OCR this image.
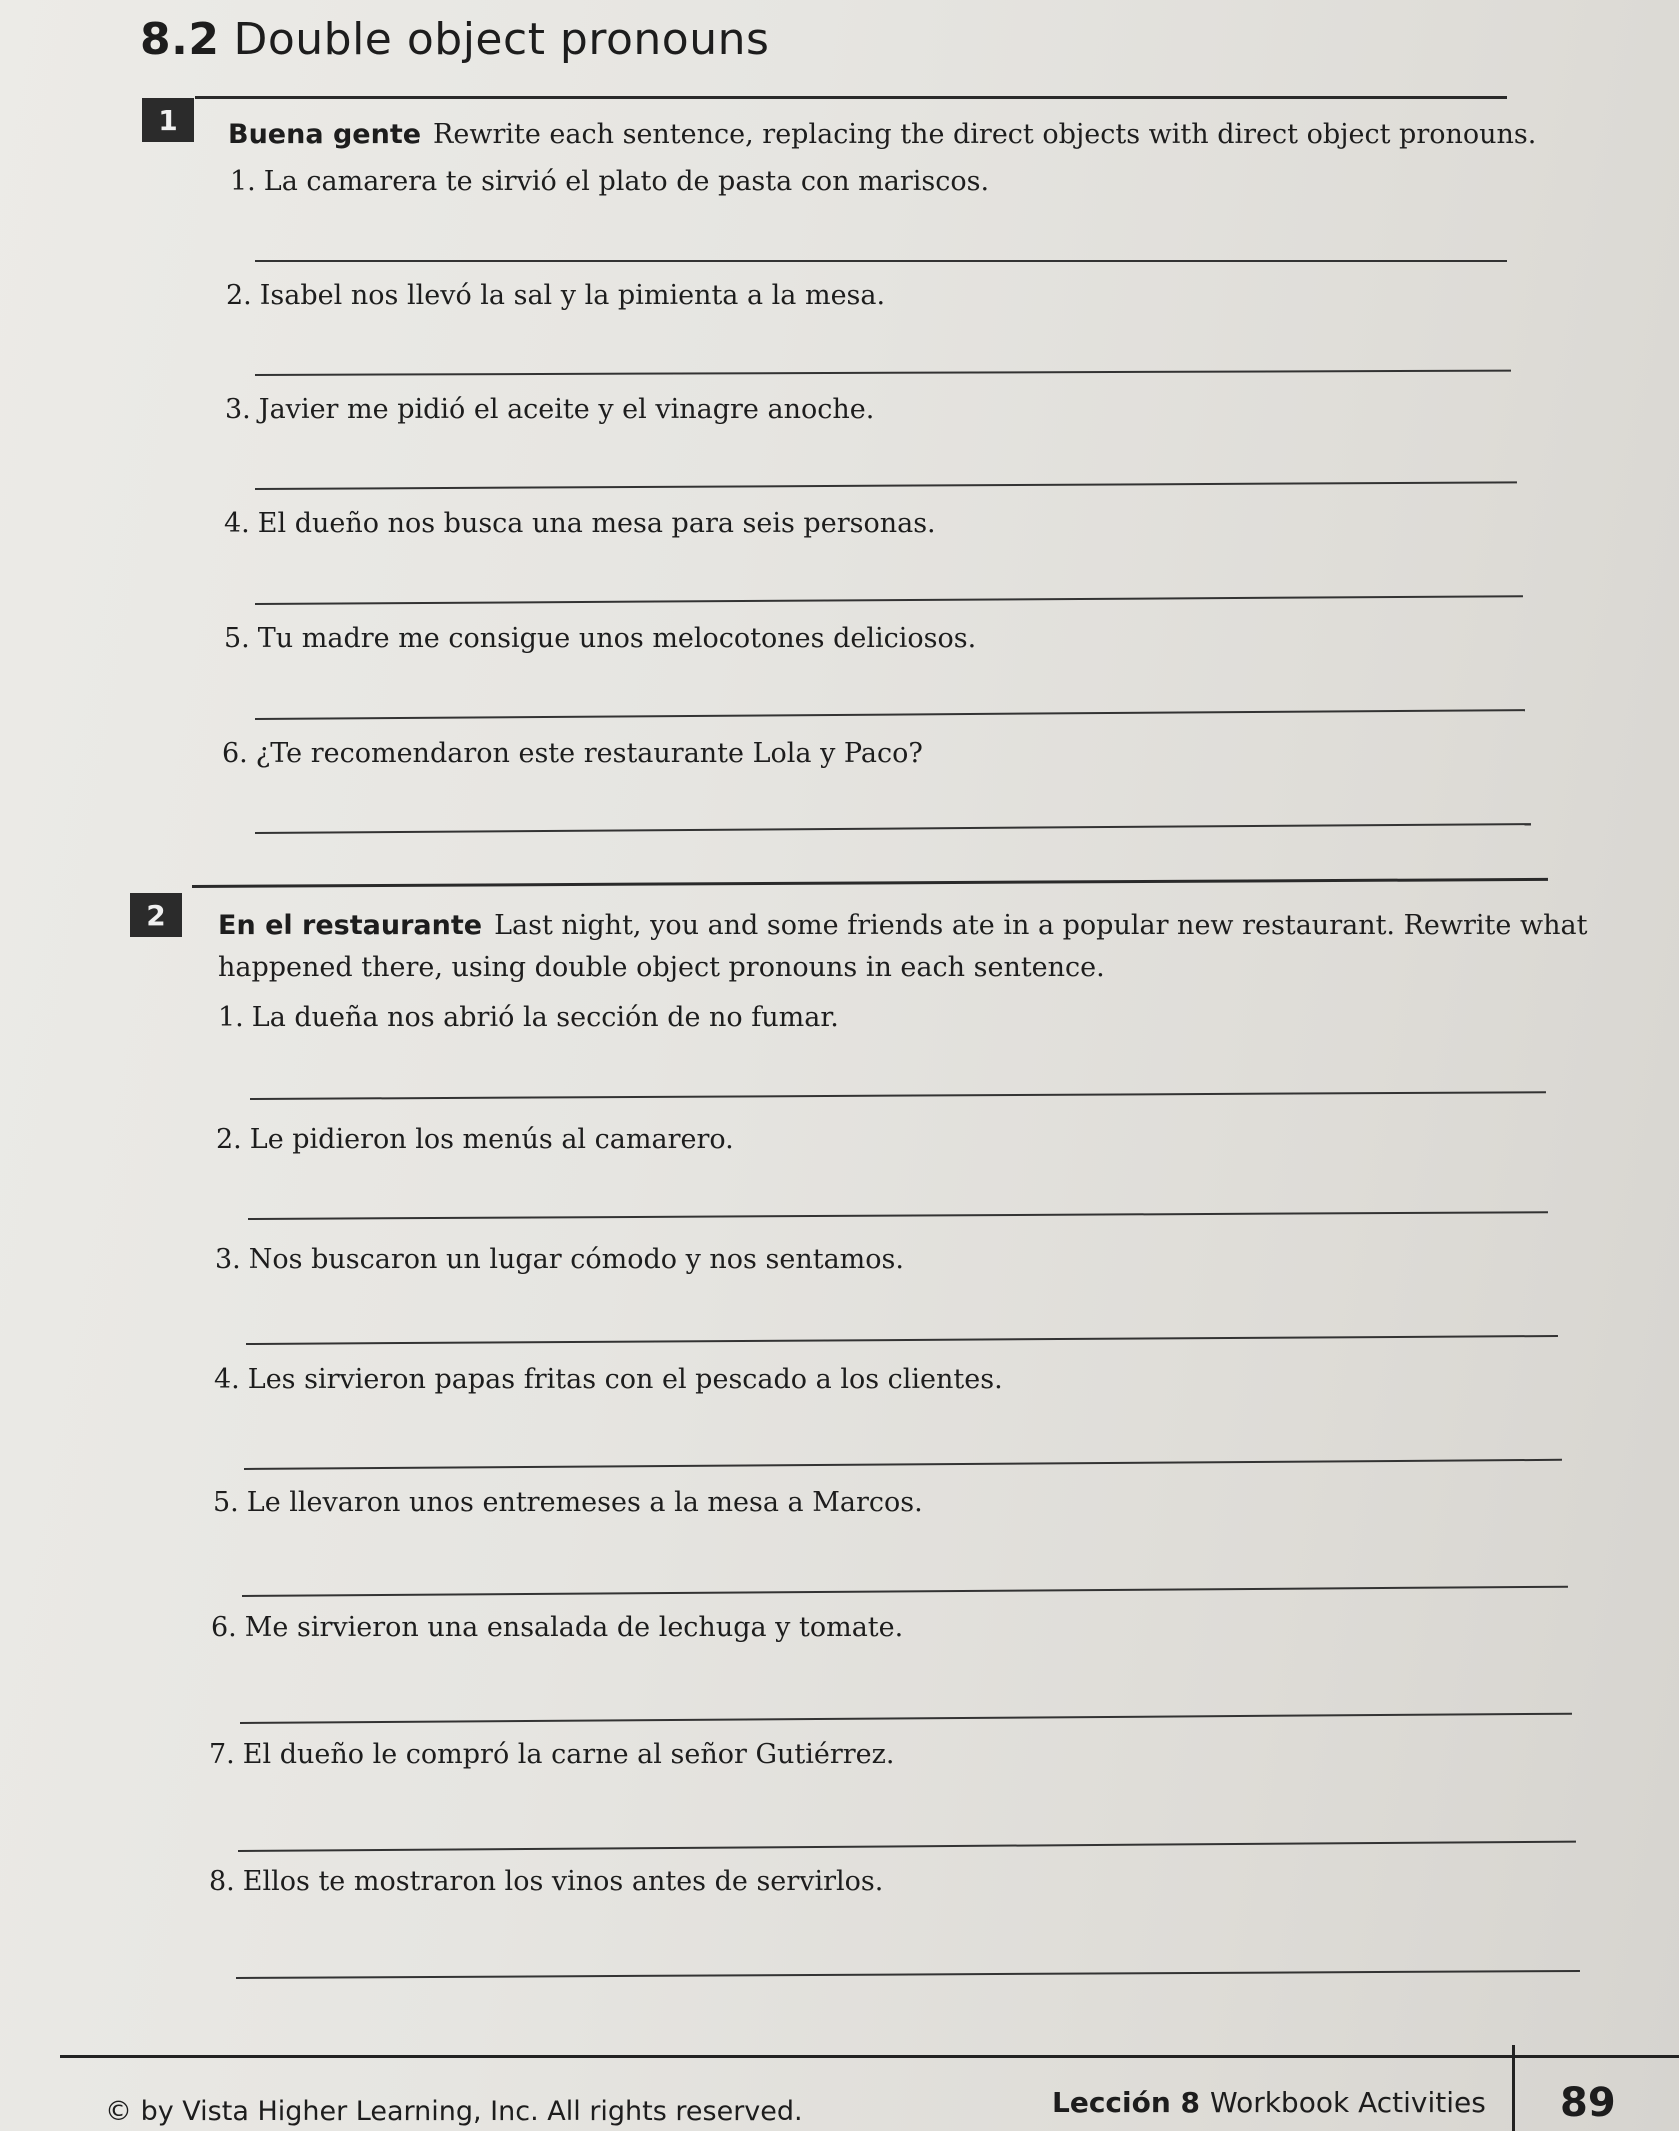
8.2 Double object pronouns
1	Buena gente Rewrite each sentence, replacing the direct objects with direct object pronouns.
1. La camarera te sirvió el plato de pasta con mariscos.
2. Isabel nos llevó la sal y la pimienta a la mesa.
3. Javier me pidió el aceite y el vinagre anoche.
4. El dueño nos busca una mesa para seis personas.
5. Tu madre me consigue unos melocotones deliciosos.
6. ¿Te recomendaron este restaurante Lola y Paco?
2	En el restaurante Last night, you and some friends ate in a popular new restaurant. Rewrite what
happened there, using double object pronouns in each sentence.
1. La dueña nos abrió la sección de no fumar.
2. Le pidieron los menús al camarero.
3. Nos buscaron un lugar cómodo y nos sentamos.
4. Les sirvieron papas fritas con el pescado a los clientes.
5. Le llevaron unos entremeses a la mesa a Marcos.
6. Me sirvieron una ensalada de lechuga y tomate.
7. El dueño le compró la carne al señor Gutiérrez.
8. Ellos te mostraron los vinos antes de servirlos.
© by Vista Higher Learning, Inc. All rights reserved.	Lección 8 Workbook Activities 89
